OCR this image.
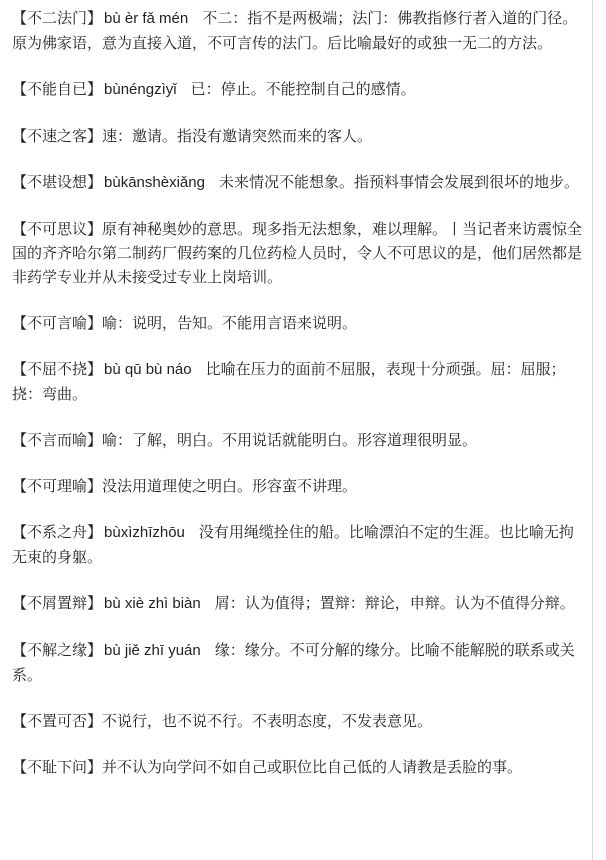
【不二法门】 bù èr fǎ mén 不二：指不是两极端；法门：佛教指修行者入道的门径。原为佛家语，意为直接入道，不可言传的法门。后比喻最好的或独一无二的方法。
【不能自已】 bùnéngzìyǐ 已：停止。不能控制自己的感情。
【不速之客】速：邀请。指没有邀请突然而来的客人。
【不堪设想】 bùkānshèxiǎng 未来情况不能想象。指预料事情会发展到很坏的地步。
【不可思议】原有神秘奥妙的意思。现多指无法想象，难以理解。丨当记者来访震惊全国的齐齐哈尔第二制药厂假药案的几位药检人员时，令人不可思议的是，他们居然都是非药学专业并从未接受过专业上岗培训。
【不可言喻】喻：说明，告知。不能用言语来说明。
【不屈不挠】 bù qū bù náo 比喻在压力的面前不屈服，表现十分顽强。屈：屈服；挠：弯曲。
【不言而喻】喻：了解，明白。不用说话就能明白。形容道理很明显。
【不可理喻】没法用道理使之明白。形容蛮不讲理。
【不系之舟】 bùxìzhīzhōu 没有用绳缆拴住的船。比喻漂泊不定的生涯。也比喻无拘无束的身躯。
【不屑置辩】 bù xiè zhì biàn 屑：认为值得；置辩：辩论，申辩。认为不值得分辩。
【不解之缘】 bù jiě zhī yuán 缘：缘分。不可分解的缘分。比喻不能解脱的联系或关系。
【不置可否】不说行，也不说不行。不表明态度，不发表意见。
【不耻下问】并不认为向学问不如自己或职位比自己低的人请教是丢脸的事。
